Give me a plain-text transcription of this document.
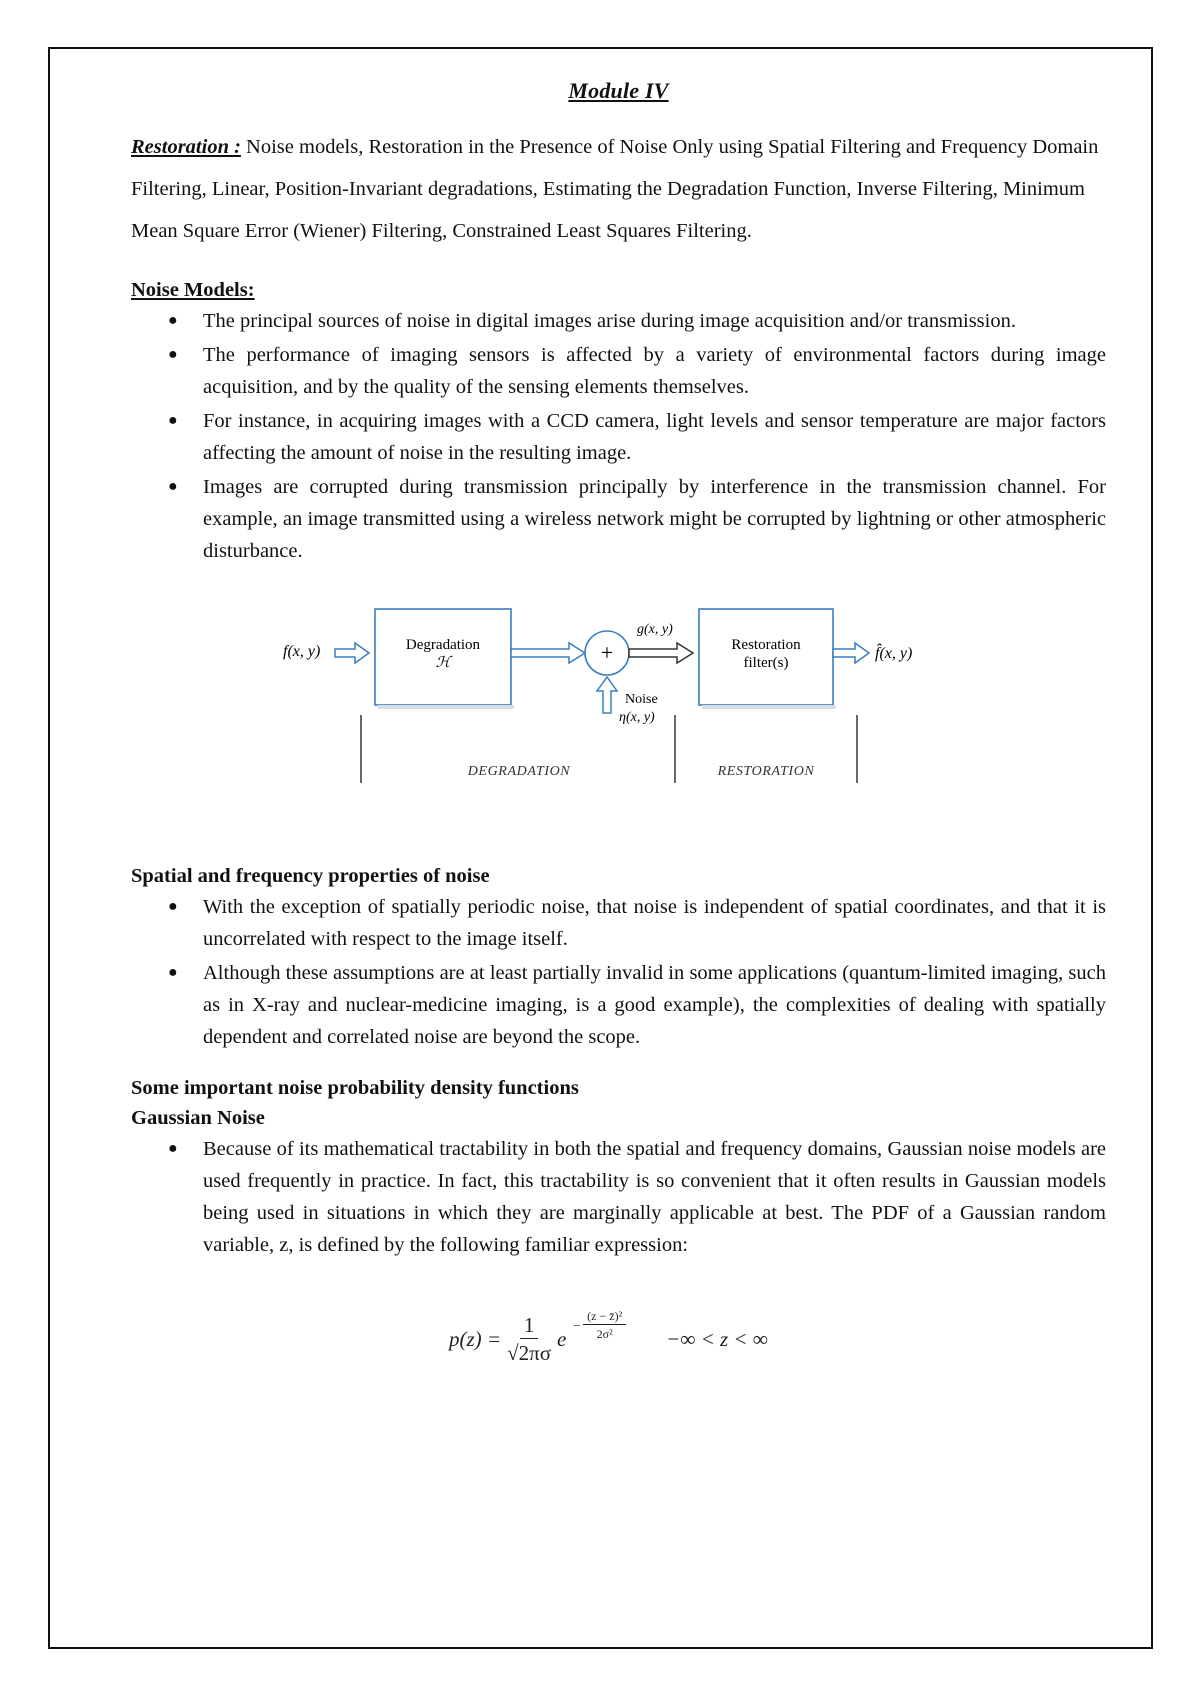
Module IV

Restoration : Noise models, Restoration in the Presence of Noise Only using Spatial Filtering and Frequency Domain Filtering, Linear, Position-Invariant degradations, Estimating the Degradation Function, Inverse Filtering, Minimum Mean Square Error (Wiener) Filtering, Constrained Least Squares Filtering.

Noise Models:
● The principal sources of noise in digital images arise during image acquisition and/or transmission.
● The performance of imaging sensors is affected by a variety of environmental factors during image acquisition, and by the quality of the sensing elements themselves.
● For instance, in acquiring images with a CCD camera, light levels and sensor temperature are major factors affecting the amount of noise in the resulting image.
● Images are corrupted during transmission principally by interference in the transmission channel. For example, an image transmitted using a wireless network might be corrupted by lightning or other atmospheric disturbance.
f(x, y)	Degradation
ℋ	+
Noise
η(x, y)
g(x, y)
Restoration
filter(s)
f̂(x, y)
DEGRADATION	RESTORATION
Spatial and frequency properties of noise
● With the exception of spatially periodic noise, that noise is independent of spatial coordinates, and that it is uncorrelated with respect to the image itself.
● Although these assumptions are at least partially invalid in some applications (quantum-limited imaging, such as in X-ray and nuclear-medicine imaging, is a good example), the complexities of dealing with spatially dependent and correlated noise are beyond the scope.
Some important noise probability density functions
Gaussian Noise
● Because of its mathematical tractability in both the spatial and frequency domains, Gaussian noise models are used frequently in practice. In fact, this tractability is so convenient that it often results in Gaussian models being used in situations in which they are marginally applicable at best. The PDF of a Gaussian random variable, z, is defined by the following familiar expression:
$p(z) = \frac{1}{√2\pi\sigma}$ e
− $\frac{\text{(z − z̄)²}}{\text{2σ²}}$ −∞ < z < ∞
